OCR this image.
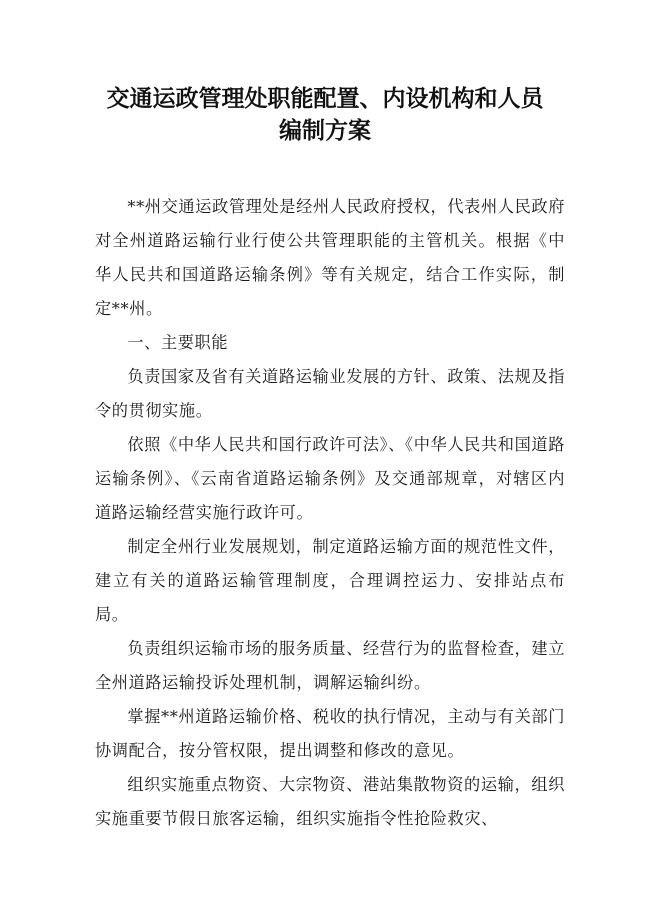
交通运政管理处职能配置、内设机构和人员
编制方案

**州交通运政管理处是经州人民政府授权，代表州人民政府对全州道路运输行业行使公共管理职能的主管机关。根据《中华人民共和国道路运输条例》等有关规定，结合工作实际，制定**州。

一、主要职能

负责国家及省有关道路运输业发展的方针、政策、法规及指令的贯彻实施。

依照《中华人民共和国行政许可法》、《中华人民共和国道路运输条例》、《云南省道路运输条例》及交通部规章，对辖区内道路运输经营实施行政许可。

制定全州行业发展规划，制定道路运输方面的规范性文件，建立有关的道路运输管理制度，合理调控运力、安排站点布局。

负责组织运输市场的服务质量、经营行为的监督检查，建立全州道路运输投诉处理机制，调解运输纠纷。

掌握**州道路运输价格、税收的执行情况，主动与有关部门协调配合，按分管权限，提出调整和修改的意见。

组织实施重点物资、大宗物资、港站集散物资的运输，组织实施重要节假日旅客运输，组织实施指令性抢险救灾、
